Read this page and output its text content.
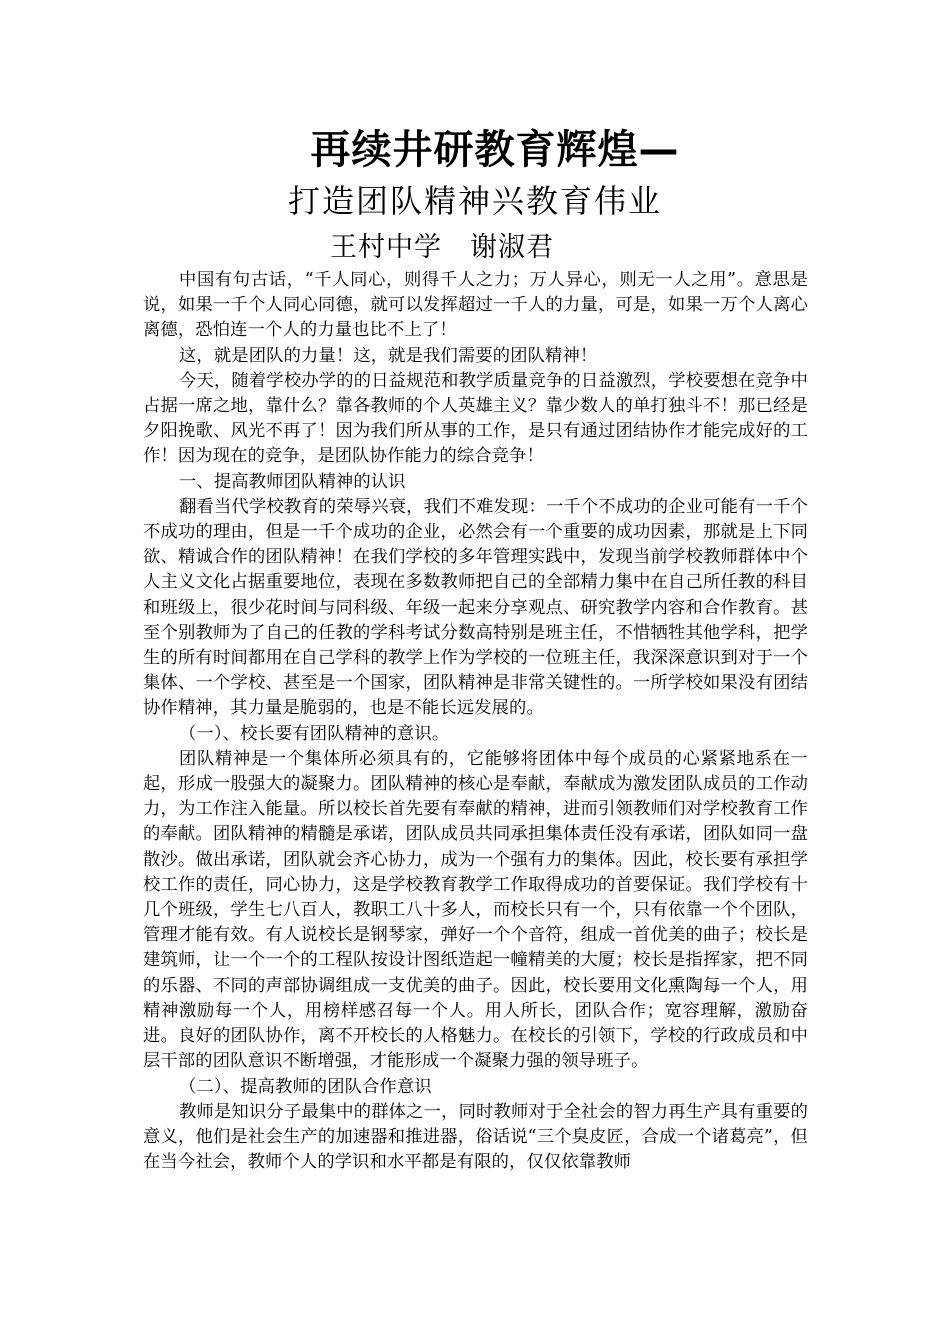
再续井研教育辉煌—
打造团队精神兴教育伟业
王村中学　谢淑君

中国有句古话，“千人同心，则得千人之力；万人异心，则无一人之用”。意思是说，如果一千个人同心同德，就可以发挥超过一千人的力量，可是，如果一万个人离心离德，恐怕连一个人的力量也比不上了！

这，就是团队的力量！这，就是我们需要的团队精神！

今天，随着学校办学的的日益规范和教学质量竞争的日益激烈，学校要想在竞争中占据一席之地，靠什么？靠各教师的个人英雄主义？靠少数人的单打独斗不！那已经是夕阳挽歌、风光不再了！因为我们所从事的工作，是只有通过团结协作才能完成好的工作！因为现在的竞争，是团队协作能力的综合竞争！

一、提高教师团队精神的认识

翻看当代学校教育的荣辱兴衰，我们不难发现：一千个不成功的企业可能有一千个不成功的理由，但是一千个成功的企业，必然会有一个重要的成功因素，那就是上下同欲、精诚合作的团队精神！在我们学校的多年管理实践中，发现当前学校教师群体中个人主义文化占据重要地位，表现在多数教师把自己的全部精力集中在自己所任教的科目和班级上，很少花时间与同科级、年级一起来分享观点、研究教学内容和合作教育。甚至个别教师为了自己的任教的学科考试分数高特别是班主任，不惜牺牲其他学科，把学生的所有时间都用在自己学科的教学上作为学校的一位班主任，我深深意识到对于一个集体、一个学校、甚至是一个国家，团队精神是非常关键性的。一所学校如果没有团结协作精神，其力量是脆弱的，也是不能长远发展的。

（一）、校长要有团队精神的意识。

团队精神是一个集体所必须具有的，它能够将团体中每个成员的心紧紧地系在一起，形成一股强大的凝聚力。团队精神的核心是奉献，奉献成为激发团队成员的工作动力，为工作注入能量。所以校长首先要有奉献的精神，进而引领教师们对学校教育工作的奉献。团队精神的精髓是承诺，团队成员共同承担集体责任没有承诺，团队如同一盘散沙。做出承诺，团队就会齐心协力，成为一个强有力的集体。因此，校长要有承担学校工作的责任，同心协力，这是学校教育教学工作取得成功的首要保证。我们学校有十几个班级，学生七八百人，教职工八十多人，而校长只有一个，只有依靠一个个团队，管理才能有效。有人说校长是钢琴家，弹好一个个音符，组成一首优美的曲子；校长是建筑师，让一个一个的工程队按设计图纸造起一幢精美的大厦；校长是指挥家，把不同的乐器、不同的声部协调组成一支优美的曲子。因此，校长要用文化熏陶每一个人，用精神激励每一个人，用榜样感召每一个人。用人所长，团队合作；宽容理解，激励奋进。良好的团队协作，离不开校长的人格魅力。在校长的引领下，学校的行政成员和中层干部的团队意识不断增强，才能形成一个凝聚力强的领导班子。

（二）、提高教师的团队合作意识

教师是知识分子最集中的群体之一，同时教师对于全社会的智力再生产具有重要的意义，他们是社会生产的加速器和推进器，俗话说“三个臭皮匠，合成一个诸葛亮”，但在当今社会，教师个人的学识和水平都是有限的，仅仅依靠教师
